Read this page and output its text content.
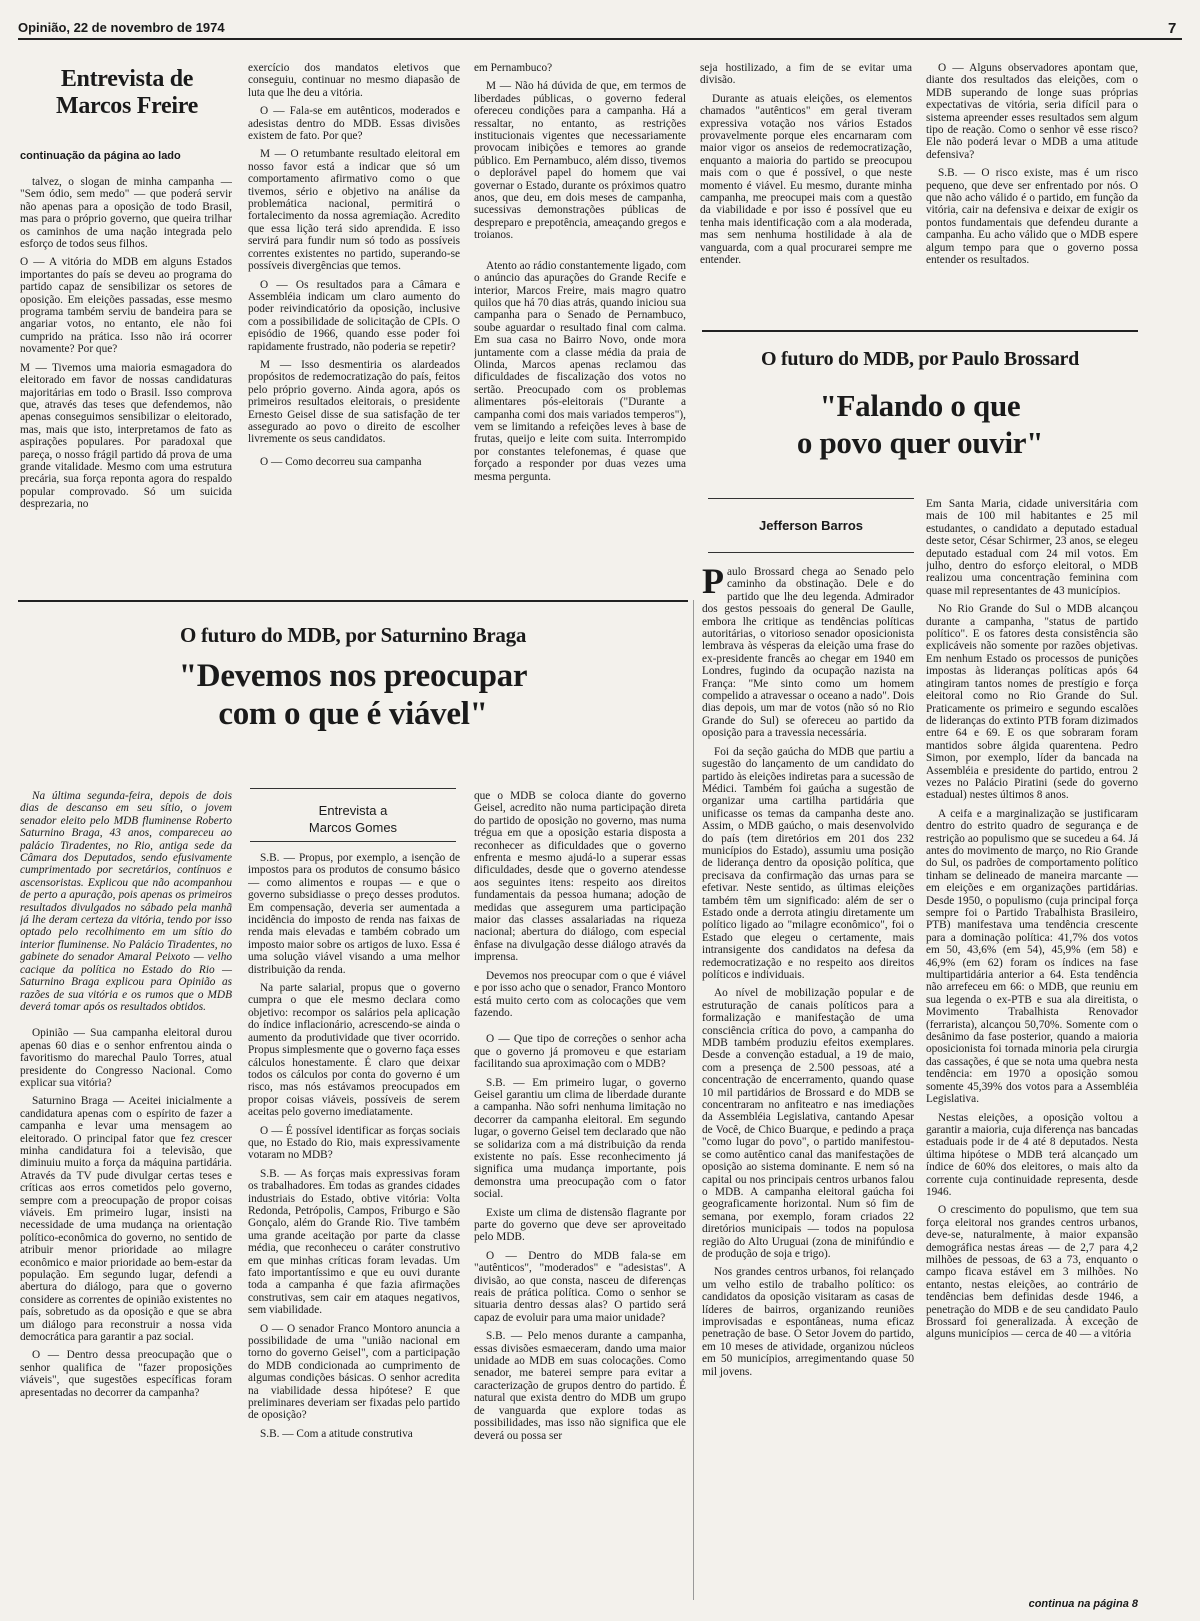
Opinião, 22 de novembro de 1974	7
Entrevista de
Marcos Freire
continuação da página ao lado

talvez, o slogan de minha campanha — "Sem ódio, sem medo" — que poderá servir não apenas para a oposição de todo Brasil, mas para o próprio governo, que queira trilhar os caminhos de uma nação integrada pelo esforço de todos seus filhos.

O — A vitória do MDB em alguns Estados importantes do país se deveu ao programa do partido capaz de sensibilizar os setores de oposição. Em eleições passadas, esse mesmo programa também serviu de bandeira para se angariar votos, no entanto, ele não foi cumprido na prática. Isso não irá ocorrer novamente? Por que?

M — Tivemos uma maioria esmagadora do eleitorado em favor de nossas candidaturas majoritárias em todo o Brasil. Isso comprova que, através das teses que defendemos, não apenas conseguimos sensibilizar o eleitorado, mas, mais que isto, interpretamos de fato as aspirações populares. Por paradoxal que pareça, o nosso frágil partido dá prova de uma grande vitalidade. Mesmo com uma estrutura precária, sua força reponta agora do respaldo popular comprovado. Só um suicida desprezaria, no

exercício dos mandatos eletivos que conseguiu, continuar no mesmo diapasão de luta que lhe deu a vitória.

O — Fala-se em autênticos, moderados e adesistas dentro do MDB. Essas divisões existem de fato. Por que?

M — O retumbante resultado eleitoral em nosso favor está a indicar que só um comportamento afirmativo como o que tivemos, sério e objetivo na análise da problemática nacional, permitirá o fortalecimento da nossa agremiação. Acredito que essa lição terá sido aprendida. E isso servirá para fundir num só todo as possíveis correntes existentes no partido, superando-se possíveis divergências que temos.

O — Os resultados para a Câmara e Assembléia indicam um claro aumento do poder reivindicatório da oposição, inclusive com a possibilidade de solicitação de CPIs. O episódio de 1966, quando esse poder foi rapidamente frustrado, não poderia se repetir?

M — Isso desmentiria os alardeados propósitos de redemocratização do país, feitos pelo próprio governo. Ainda agora, após os primeiros resultados eleitorais, o presidente Ernesto Geisel disse de sua satisfação de ter assegurado ao povo o direito de escolher livremente os seus candidatos.

O — Como decorreu sua campanha

em Pernambuco?

M — Não há dúvida de que, em termos de liberdades públicas, o governo federal ofereceu condições para a campanha. Há a ressaltar, no entanto, as restrições institucionais vigentes que necessariamente provocam inibições e temores ao grande público. Em Pernambuco, além disso, tivemos o deplorável papel do homem que vai governar o Estado, durante os próximos quatro anos, que deu, em dois meses de campanha, sucessivas demonstrações públicas de despreparo e prepotência, ameaçando gregos e troianos.

Atento ao rádio constantemente ligado, com o anúncio das apurações do Grande Recife e interior, Marcos Freire, mais magro quatro quilos que há 70 dias atrás, quando iniciou sua campanha para o Senado de Pernambuco, soube aguardar o resultado final com calma. Em sua casa no Bairro Novo, onde mora juntamente com a classe média da praia de Olinda, Marcos apenas reclamou das dificuldades de fiscalização dos votos no sertão. Preocupado com os problemas alimentares pós-eleitorais ("Durante a campanha comi dos mais variados temperos"), vem se limitando a refeições leves à base de frutas, queijo e leite com suita. Interrompido por constantes telefonemas, é quase que forçado a responder por duas vezes uma mesma pergunta.

seja hostilizado, a fim de se evitar uma divisão.

Durante as atuais eleições, os elementos chamados "autênticos" em geral tiveram expressiva votação nos vários Estados provavelmente porque eles encarnaram com maior vigor os anseios de redemocratização, enquanto a maioria do partido se preocupou mais com o que é possível, o que neste momento é viável. Eu mesmo, durante minha campanha, me preocupei mais com a questão da viabilidade e por isso é possível que eu tenha mais identificação com a ala moderada, mas sem nenhuma hostilidade à ala de vanguarda, com a qual procurarei sempre me entender.

O — Alguns observadores apontam que, diante dos resultados das eleições, com o MDB superando de longe suas próprias expectativas de vitória, seria difícil para o sistema apreender esses resultados sem algum tipo de reação. Como o senhor vê esse risco? Ele não poderá levar o MDB a uma atitude defensiva?

S.B. — O risco existe, mas é um risco pequeno, que deve ser enfrentado por nós. O que não acho válido é o partido, em função da vitória, cair na defensiva e deixar de exigir os pontos fundamentais que defendeu durante a campanha. Eu acho válido que o MDB espere algum tempo para que o governo possa entender os resultados.

O futuro do MDB, por Paulo Brossard
"Falando o que
o povo quer ouvir"
Jefferson Barros

Paulo Brossard chega ao Senado pelo caminho da obstinação. Dele e do partido que lhe deu legenda. Admirador dos gestos pessoais do general De Gaulle, embora lhe critique as tendências políticas autoritárias, o vitorioso senador oposicionista lembrava às vésperas da eleição uma frase do ex-presidente francês ao chegar em 1940 em Londres, fugindo da ocupação nazista na França: "Me sinto como um homem compelido a atravessar o oceano a nado". Dois dias depois, um mar de votos (não só no Rio Grande do Sul) se ofereceu ao partido da oposição para a travessia necessária.

Foi da seção gaúcha do MDB que partiu a sugestão do lançamento de um candidato do partido às eleições indiretas para a sucessão de Médici. Também foi gaúcha a sugestão de organizar uma cartilha partidária que unificasse os temas da campanha deste ano. Assim, o MDB gaúcho, o mais desenvolvido do país (tem diretórios em 201 dos 232 municípios do Estado), assumiu uma posição de liderança dentro da oposição política, que precisava da confirmação das urnas para se efetivar. Neste sentido, as últimas eleições também têm um significado: além de ser o Estado onde a derrota atingiu diretamente um político ligado ao "milagre econômico", foi o Estado que elegeu o certamente, mais intransigente dos candidatos na defesa da redemocratização e no respeito aos direitos políticos e individuais.

Ao nível de mobilização popular e de estruturação de canais políticos para a formalização e manifestação de uma consciência crítica do povo, a campanha do MDB também produziu efeitos exemplares. Desde a convenção estadual, a 19 de maio, com a presença de 2.500 pessoas, até a concentração de encerramento, quando quase 10 mil partidários de Brossard e do MDB se concentraram no anfiteatro e nas imediações da Assembléia Legislativa, cantando Apesar de Você, de Chico Buarque, e pedindo a praça "como lugar do povo", o partido manifestou-se como autêntico canal das manifestações de oposição ao sistema dominante. E nem só na capital ou nos principais centros urbanos falou o MDB. A campanha eleitoral gaúcha foi geograficamente horizontal. Num só fim de semana, por exemplo, foram criados 22 diretórios municipais — todos na populosa região do Alto Uruguai (zona de minifúndio e de produção de soja e trigo).

Nos grandes centros urbanos, foi relançado um velho estilo de trabalho político: os candidatos da oposição visitaram as casas de líderes de bairros, organizando reuniões improvisadas e espontâneas, numa eficaz penetração de base. O Setor Jovem do partido, em 10 meses de atividade, organizou núcleos em 50 municípios, arregimentando quase 50 mil jovens.

Em Santa Maria, cidade universitária com mais de 100 mil habitantes e 25 mil estudantes, o candidato a deputado estadual deste setor, César Schirmer, 23 anos, se elegeu deputado estadual com 24 mil votos. Em julho, dentro do esforço eleitoral, o MDB realizou uma concentração feminina com quase mil representantes de 43 municípios.

No Rio Grande do Sul o MDB alcançou durante a campanha, "status de partido político". E os fatores desta consistência são explicáveis não somente por razões objetivas. Em nenhum Estado os processos de punições impostas às lideranças políticas após 64 atingiram tantos nomes de prestígio e força eleitoral como no Rio Grande do Sul. Praticamente os primeiro e segundo escalões de lideranças do extinto PTB foram dizimados entre 64 e 69. E os que sobraram foram mantidos sobre álgida quarentena. Pedro Simon, por exemplo, líder da bancada na Assembléia e presidente do partido, entrou 2 vezes no Palácio Piratini (sede do governo estadual) nestes últimos 8 anos.

A ceifa e a marginalização se justificaram dentro do estrito quadro de segurança e de restrição ao populismo que se sucedeu a 64. Já antes do movimento de março, no Rio Grande do Sul, os padrões de comportamento político tinham se delineado de maneira marcante — em eleições e em organizações partidárias. Desde 1950, o populismo (cuja principal força sempre foi o Partido Trabalhista Brasileiro, PTB) manifestava uma tendência crescente para a dominação política: 41,7% dos votos em 50, 43,6% (em 54), 45,9% (em 58) e 46,9% (em 62) foram os índices na fase multipartidária anterior a 64. Esta tendência não arrefeceu em 66: o MDB, que reuniu em sua legenda o ex-PTB e sua ala direitista, o Movimento Trabalhista Renovador (ferrarista), alcançou 50,70%. Somente com o desânimo da fase posterior, quando a maioria oposicionista foi tornada minoria pela cirurgia das cassações, é que se nota uma quebra nesta tendência: em 1970 a oposição somou somente 45,39% dos votos para a Assembléia Legislativa.

Nestas eleições, a oposição voltou a garantir a maioria, cuja diferença nas bancadas estaduais pode ir de 4 até 8 deputados. Nesta última hipótese o MDB terá alcançado um índice de 60% dos eleitores, o mais alto da corrente cuja continuidade representa, desde 1946.

O crescimento do populismo, que tem sua força eleitoral nos grandes centros urbanos, deve-se, naturalmente, à maior expansão demográfica nestas áreas — de 2,7 para 4,2 milhões de pessoas, de 63 a 73, enquanto o campo ficava estável em 3 milhões. No entanto, nestas eleições, ao contrário de tendências bem definidas desde 1946, a penetração do MDB e de seu candidato Paulo Brossard foi generalizada. À exceção de alguns municípios — cerca de 40 — a vitória

continua na página 8
O futuro do MDB, por Saturnino Braga
"Devemos nos preocupar
com o que é viável"

Na última segunda-feira, depois de dois dias de descanso em seu sítio, o jovem senador eleito pelo MDB fluminense Roberto Saturnino Braga, 43 anos, compareceu ao palácio Tiradentes, no Rio, antiga sede da Câmara dos Deputados, sendo efusivamente cumprimentado por secretários, contínuos e ascensoristas. Explicou que não acompanhou de perto a apuração, pois apenas os primeiros resultados divulgados no sábado pela manhã já lhe deram certeza da vitória, tendo por isso optado pelo recolhimento em um sítio do interior fluminense. No Palácio Tiradentes, no gabinete do senador Amaral Peixoto — velho cacique da política no Estado do Rio — Saturnino Braga explicou para Opinião as razões de sua vitória e os rumos que o MDB deverá tomar após os resultados obtidos.

Opinião — Sua campanha eleitoral durou apenas 60 dias e o senhor enfrentou ainda o favoritismo do marechal Paulo Torres, atual presidente do Congresso Nacional. Como explicar sua vitória?

Saturnino Braga — Aceitei inicialmente a candidatura apenas com o espírito de fazer a campanha e levar uma mensagem ao eleitorado. O principal fator que fez crescer minha candidatura foi a televisão, que diminuiu muito a força da máquina partidária. Através da TV pude divulgar certas teses e críticas aos erros cometidos pelo governo, sempre com a preocupação de propor coisas viáveis. Em primeiro lugar, insisti na necessidade de uma mudança na orientação político-econômica do governo, no sentido de atribuir menor prioridade ao milagre econômico e maior prioridade ao bem-estar da população. Em segundo lugar, defendi a abertura do diálogo, para que o governo considere as correntes de opinião existentes no país, sobretudo as da oposição e que se abra um diálogo para reconstruir a nossa vida democrática para garantir a paz social.

O — Dentro dessa preocupação que o senhor qualifica de "fazer proposições viáveis", que sugestões específicas foram apresentadas no decorrer da campanha?

Entrevista a
Marcos Gomes

S.B. — Propus, por exemplo, a isenção de impostos para os produtos de consumo básico — como alimentos e roupas — e que o governo subsidiasse o preço desses produtos. Em compensação, deveria ser aumentada a incidência do imposto de renda nas faixas de renda mais elevadas e também cobrado um imposto maior sobre os artigos de luxo. Essa é uma solução viável visando a uma melhor distribuição da renda.

Na parte salarial, propus que o governo cumpra o que ele mesmo declara como objetivo: recompor os salários pela aplicação do índice inflacionário, acrescendo-se ainda o aumento da produtividade que tiver ocorrido. Propus simplesmente que o governo faça esses cálculos honestamente. É claro que deixar todos os cálculos por conta do governo é um risco, mas nós estávamos preocupados em propor coisas viáveis, possíveis de serem aceitas pelo governo imediatamente.

O — É possível identificar as forças sociais que, no Estado do Rio, mais expressivamente votaram no MDB?

S.B. — As forças mais expressivas foram os trabalhadores. Em todas as grandes cidades industriais do Estado, obtive vitória: Volta Redonda, Petrópolis, Campos, Friburgo e São Gonçalo, além do Grande Rio. Tive também uma grande aceitação por parte da classe média, que reconheceu o caráter construtivo em que minhas críticas foram levadas. Um fato importantíssimo e que eu ouvi durante toda a campanha é que fazia afirmações construtivas, sem cair em ataques negativos, sem viabilidade.

O — O senador Franco Montoro anuncia a possibilidade de uma "união nacional em torno do governo Geisel", com a participação do MDB condicionada ao cumprimento de algumas condições básicas. O senhor acredita na viabilidade dessa hipótese? E que preliminares deveriam ser fixadas pelo partido de oposição?

S.B. — Com a atitude construtiva

que o MDB se coloca diante do governo Geisel, acredito não numa participação direta do partido de oposição no governo, mas numa trégua em que a oposição estaria disposta a reconhecer as dificuldades que o governo enfrenta e mesmo ajudá-lo a superar essas dificuldades, desde que o governo atendesse aos seguintes itens: respeito aos direitos fundamentais da pessoa humana; adoção de medidas que assegurem uma participação maior das classes assalariadas na riqueza nacional; abertura do diálogo, com especial ênfase na divulgação desse diálogo através da imprensa.

Devemos nos preocupar com o que é viável e por isso acho que o senador, Franco Montoro está muito certo com as colocações que vem fazendo.

O — Que tipo de correções o senhor acha que o governo já promoveu e que estariam facilitando sua aproximação com o MDB?

S.B. — Em primeiro lugar, o governo Geisel garantiu um clima de liberdade durante a campanha. Não sofri nenhuma limitação no decorrer da campanha eleitoral. Em segundo lugar, o governo Geisel tem declarado que não se solidariza com a má distribuição da renda existente no país. Esse reconhecimento já significa uma mudança importante, pois demonstra uma preocupação com o fator social.

Existe um clima de distensão flagrante por parte do governo que deve ser aproveitado pelo MDB.

O — Dentro do MDB fala-se em "autênticos", "moderados" e "adesistas". A divisão, ao que consta, nasceu de diferenças reais de prática política. Como o senhor se situaria dentro dessas alas? O partido será capaz de evoluir para uma maior unidade?

S.B. — Pelo menos durante a campanha, essas divisões esmaeceram, dando uma maior unidade ao MDB em suas colocações. Como senador, me baterei sempre para evitar a caracterização de grupos dentro do partido. É natural que exista dentro do MDB um grupo de vanguarda que explore todas as possibilidades, mas isso não significa que ele deverá ou possa ser
